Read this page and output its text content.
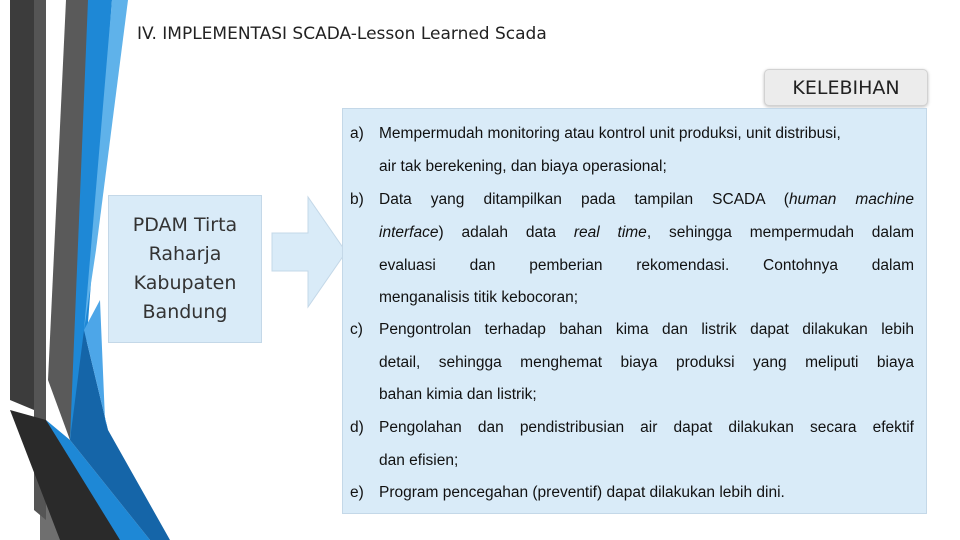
IV. IMPLEMENTASI SCADA-Lesson Learned Scada
KELEBIHAN
PDAM Tirta
Raharja
Kabupaten
Bandung
a) Mempermudah monitoring atau kontrol unit produksi, unit distribusi,
air tak berekening, dan biaya operasional;
b) Data yang ditampilkan pada tampilan SCADA (human machine
interface) adalah data real time, sehingga mempermudah dalam
evaluasi dan pemberian rekomendasi. Contohnya dalam
menganalisis titik kebocoran;
c) Pengontrolan terhadap bahan kima dan listrik dapat dilakukan lebih
detail, sehingga menghemat biaya produksi yang meliputi biaya
bahan kimia dan listrik;
d) Pengolahan dan pendistribusian air dapat dilakukan secara efektif
dan efisien;
e) Program pencegahan (preventif) dapat dilakukan lebih dini.
